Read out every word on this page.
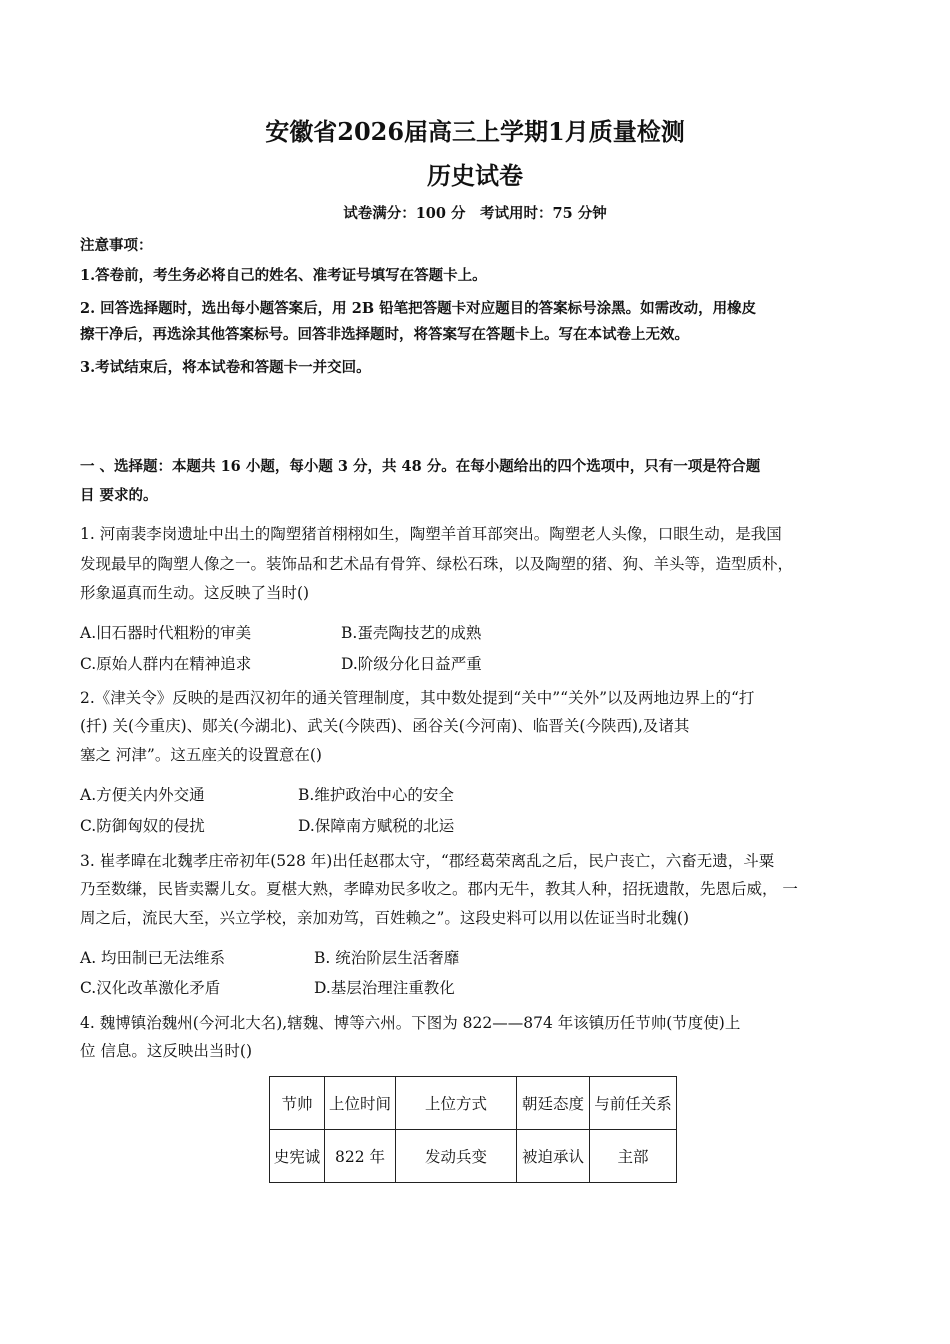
安徽省2026届高三上学期1月质量检测
历史试卷
试卷满分：100 分　考试用时：75 分钟
注意事项：
1.答卷前，考生务必将自己的姓名、准考证号填写在答题卡上。
2. 回答选择题时，选出每小题答案后，用 2B 铅笔把答题卡对应题目的答案标号涂黑。如需改动，用橡皮
擦干净后，再选涂其他答案标号。回答非选择题时，将答案写在答题卡上。写在本试卷上无效。
3.考试结束后，将本试卷和答题卡一并交回。
一 、选择题：本题共 16 小题，每小题 3 分，共 48 分。在每小题给出的四个选项中，只有一项是符合题
目 要求的。
1. 河南裴李岗遗址中出土的陶塑猪首栩栩如生，陶塑羊首耳部突出。陶塑老人头像，口眼生动，是我国
发现最早的陶塑人像之一。装饰品和艺术品有骨笄、绿松石珠，以及陶塑的猪、狗、羊头等，造型质朴，
形象逼真而生动。这反映了当时()
A.旧石器时代粗粉的审美	B.蛋壳陶技艺的成熟
C.原始人群内在精神追求	D.阶级分化日益严重
2.《津关令》反映的是西汉初年的通关管理制度，其中数处提到“关中”“关外”以及两地边界上的“打
(扦) 关(今重庆)、郧关(今湖北)、武关(今陕西)、函谷关(今河南)、临晋关(今陕西),及诸其
塞之 河津”。这五座关的设置意在()
A.方便关内外交通	B.维护政治中心的安全
C.防御匈奴的侵扰	D.保障南方赋税的北运
3. 崔孝暐在北魏孝庄帝初年(528 年)出任赵郡太守，“郡经葛荣离乱之后，民户丧亡，六畜无遗，斗粟
乃至数缣，民皆卖鬻儿女。夏椹大熟，孝暐劝民多收之。郡内无牛，教其人种，招抚遗散，先恩后威， 一
周之后，流民大至，兴立学校，亲加劝笃，百姓赖之”。这段史料可以用以佐证当时北魏()
A. 均田制已无法维系	B. 统治阶层生活奢靡
C.汉化改革激化矛盾	D.基层治理注重教化
4. 魏博镇治魏州(今河北大名),辖魏、博等六州。下图为 822——874 年该镇历任节帅(节度使)上
位 信息。这反映出当时()
节帅	上位时间	上位方式	朝廷态度	与前任关系
史宪诚	822 年	发动兵变	被迫承认	主部
